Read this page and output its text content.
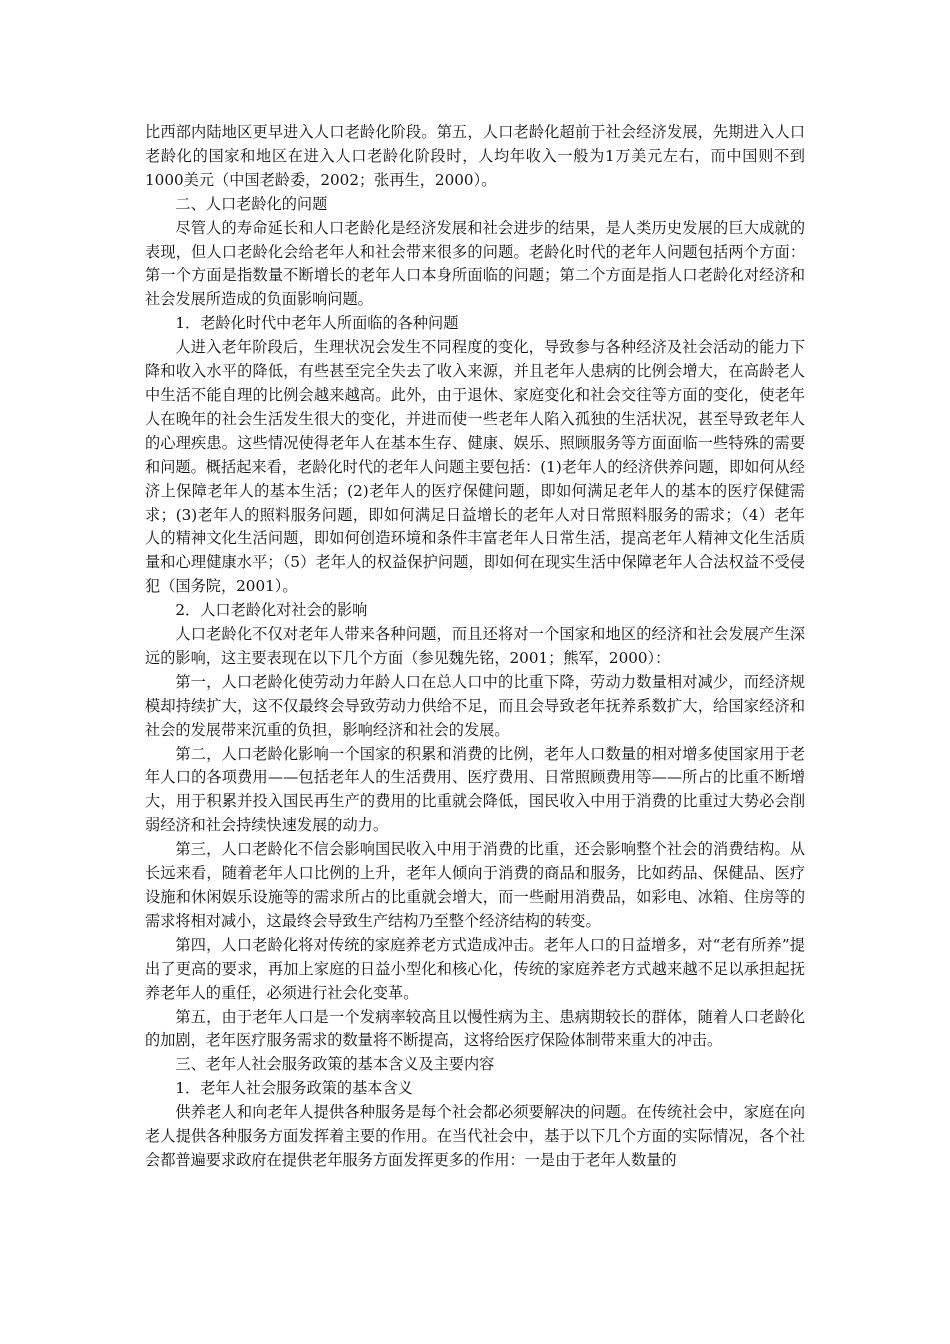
比西部内陆地区更早进入人口老龄化阶段。第五，人口老龄化超前于社会经济发展，先期进入人口老龄化的国家和地区在进入人口老龄化阶段时，人均年收入一般为1万美元左右，而中国则不到1000美元（中国老龄委，2002；张再生，2000）。

二、人口老龄化的问题

尽管人的寿命延长和人口老龄化是经济发展和社会进步的结果，是人类历史发展的巨大成就的表现，但人口老龄化会给老年人和社会带来很多的问题。老龄化时代的老年人问题包括两个方面：第一个方面是指数量不断增长的老年人口本身所面临的问题；第二个方面是指人口老龄化对经济和社会发展所造成的负面影响问题。

1．老龄化时代中老年人所面临的各种问题

人进入老年阶段后，生理状况会发生不同程度的变化，导致参与各种经济及社会活动的能力下降和收入水平的降低，有些甚至完全失去了收入来源，并且老年人患病的比例会增大，在高龄老人中生活不能自理的比例会越来越高。此外，由于退休、家庭变化和社会交往等方面的变化，使老年人在晚年的社会生活发生很大的变化，并进而使一些老年人陷入孤独的生活状况，甚至导致老年人的心理疾患。这些情况使得老年人在基本生存、健康、娱乐、照顾服务等方面面临一些特殊的需要和问题。概括起来看，老龄化时代的老年人问题主要包括：(1)老年人的经济供养问题，即如何从经济上保障老年人的基本生活；(2)老年人的医疗保健问题，即如何满足老年人的基本的医疗保健需求；(3)老年人的照料服务问题，即如何满足日益增长的老年人对日常照料服务的需求；（4）老年人的精神文化生活问题，即如何创造环境和条件丰富老年人日常生活，提高老年人精神文化生活质量和心理健康水平；（5）老年人的权益保护问题，即如何在现实生活中保障老年人合法权益不受侵犯（国务院，2001）。

2．人口老龄化对社会的影响

人口老龄化不仅对老年人带来各种问题，而且还将对一个国家和地区的经济和社会发展产生深远的影响，这主要表现在以下几个方面（参见魏先铭，2001；熊军，2000）：

第一，人口老龄化使劳动力年龄人口在总人口中的比重下降，劳动力数量相对减少，而经济规模却持续扩大，这不仅最终会导致劳动力供给不足，而且会导致老年抚养系数扩大，给国家经济和社会的发展带来沉重的负担，影响经济和社会的发展。

第二，人口老龄化影响一个国家的积累和消费的比例，老年人口数量的相对增多使国家用于老年人口的各项费用——包括老年人的生活费用、医疗费用、日常照顾费用等——所占的比重不断增大，用于积累并投入国民再生产的费用的比重就会降低，国民收入中用于消费的比重过大势必会削弱经济和社会持续快速发展的动力。

第三，人口老龄化不信会影响国民收入中用于消费的比重，还会影响整个社会的消费结构。从长远来看，随着老年人口比例的上升，老年人倾向于消费的商品和服务，比如药品、保健品、医疗设施和休闲娱乐设施等的需求所占的比重就会增大，而一些耐用消费品，如彩电、冰箱、住房等的需求将相对减小，这最终会导致生产结构乃至整个经济结构的转变。

第四，人口老龄化将对传统的家庭养老方式造成冲击。老年人口的日益增多，对“老有所养”提出了更高的要求，再加上家庭的日益小型化和核心化，传统的家庭养老方式越来越不足以承担起抚养老年人的重任，必须进行社会化变革。

第五，由于老年人口是一个发病率较高且以慢性病为主、患病期较长的群体，随着人口老龄化的加剧，老年医疗服务需求的数量将不断提高，这将给医疗保险体制带来重大的冲击。

三、老年人社会服务政策的基本含义及主要内容

1．老年人社会服务政策的基本含义

供养老人和向老年人提供各种服务是每个社会都必须要解决的问题。在传统社会中，家庭在向老人提供各种服务方面发挥着主要的作用。在当代社会中，基于以下几个方面的实际情况，各个社会都普遍要求政府在提供老年服务方面发挥更多的作用：一是由于老年人数量的
